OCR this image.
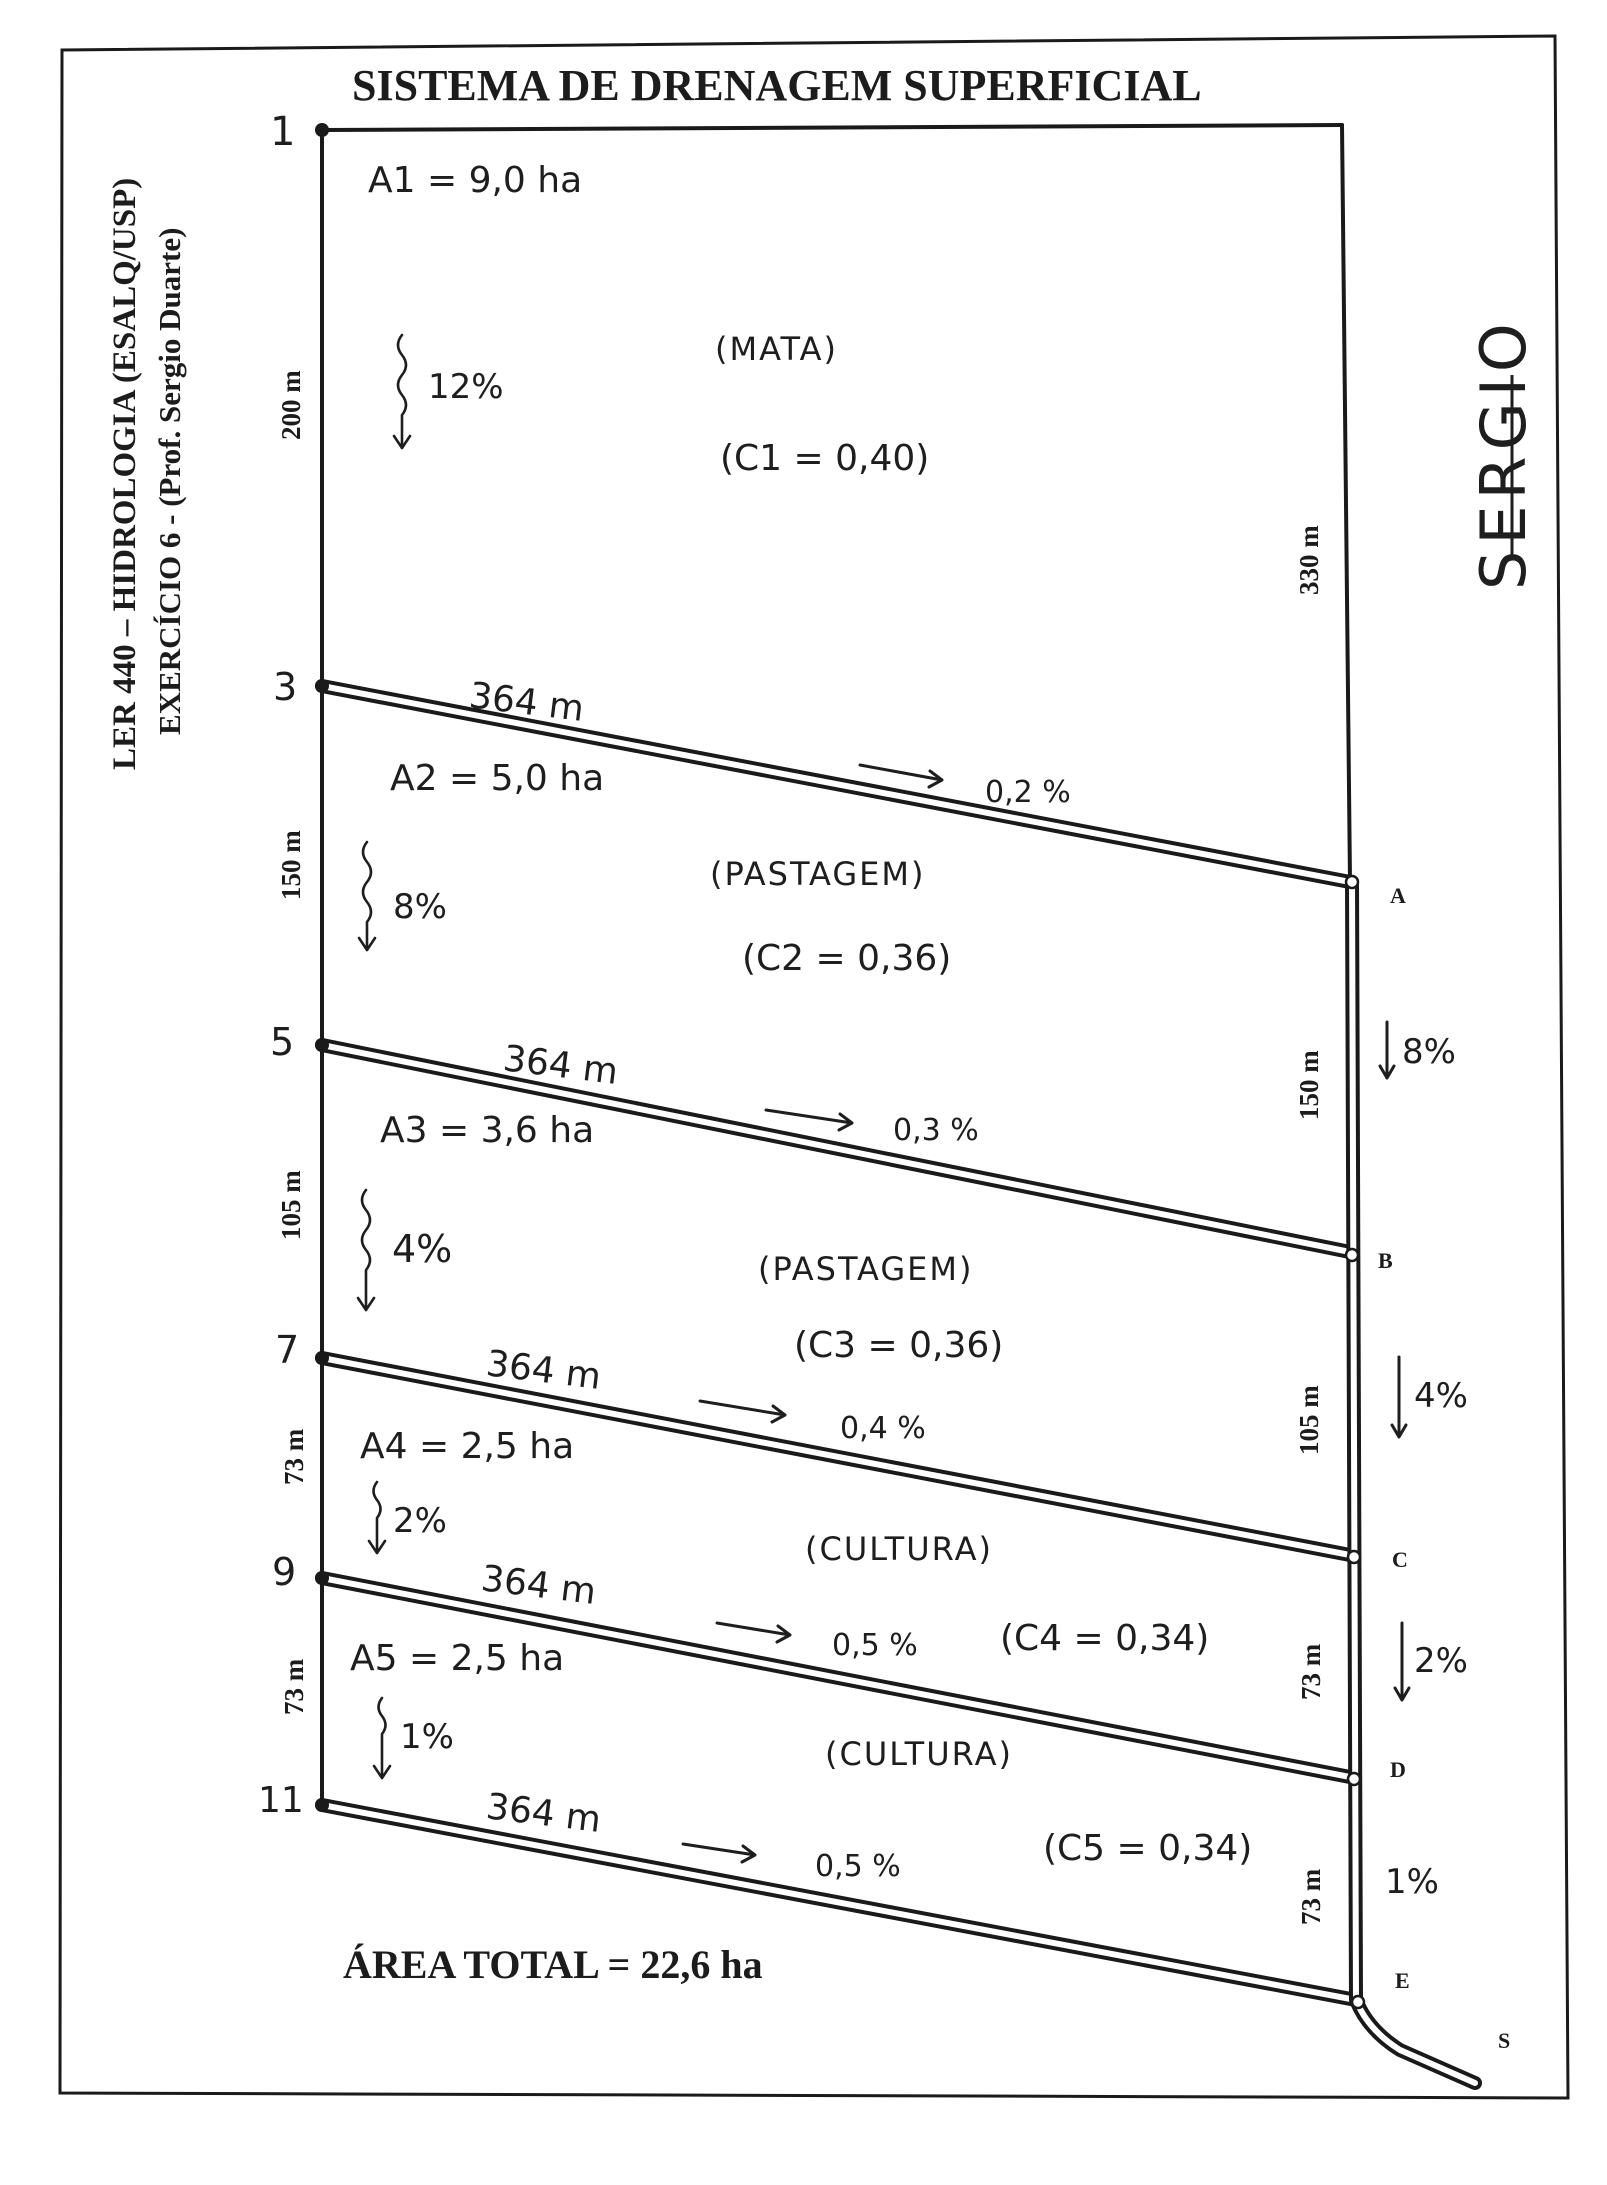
SISTEMA DE DRENAGEM SUPERFICIAL
LER 440 – HIDROLOGIA (ESALQ/USP) EXERCÍCIO 6 - (Prof. Sergio Duarte)	SERGIO
1
3
5
7
9
11
200 m
150 m
105 m
73 m
73 m
330 m
150 m
105 m
73 m
73 m
A
B
C
D
E
S
8%
4%
2%
1%
A1 = 9,0 ha
(MATA)
(C1 = 0,40)
12%
364 m
0,2 %
A2 = 5,0 ha
(PASTAGEM)
(C2 = 0,36)
8%
364 m
0,3 %
A3 = 3,6 ha
(PASTAGEM)
(C3 = 0,36)
4%
364 m
0,4 %
A4 = 2,5 ha
(CULTURA)
(C4 = 0,34)
2%
364 m
0,5 %
A5 = 2,5 ha
(CULTURA)
(C5 = 0,34)
1%
364 m
0,5 %
ÁREA TOTAL = 22,6 ha
